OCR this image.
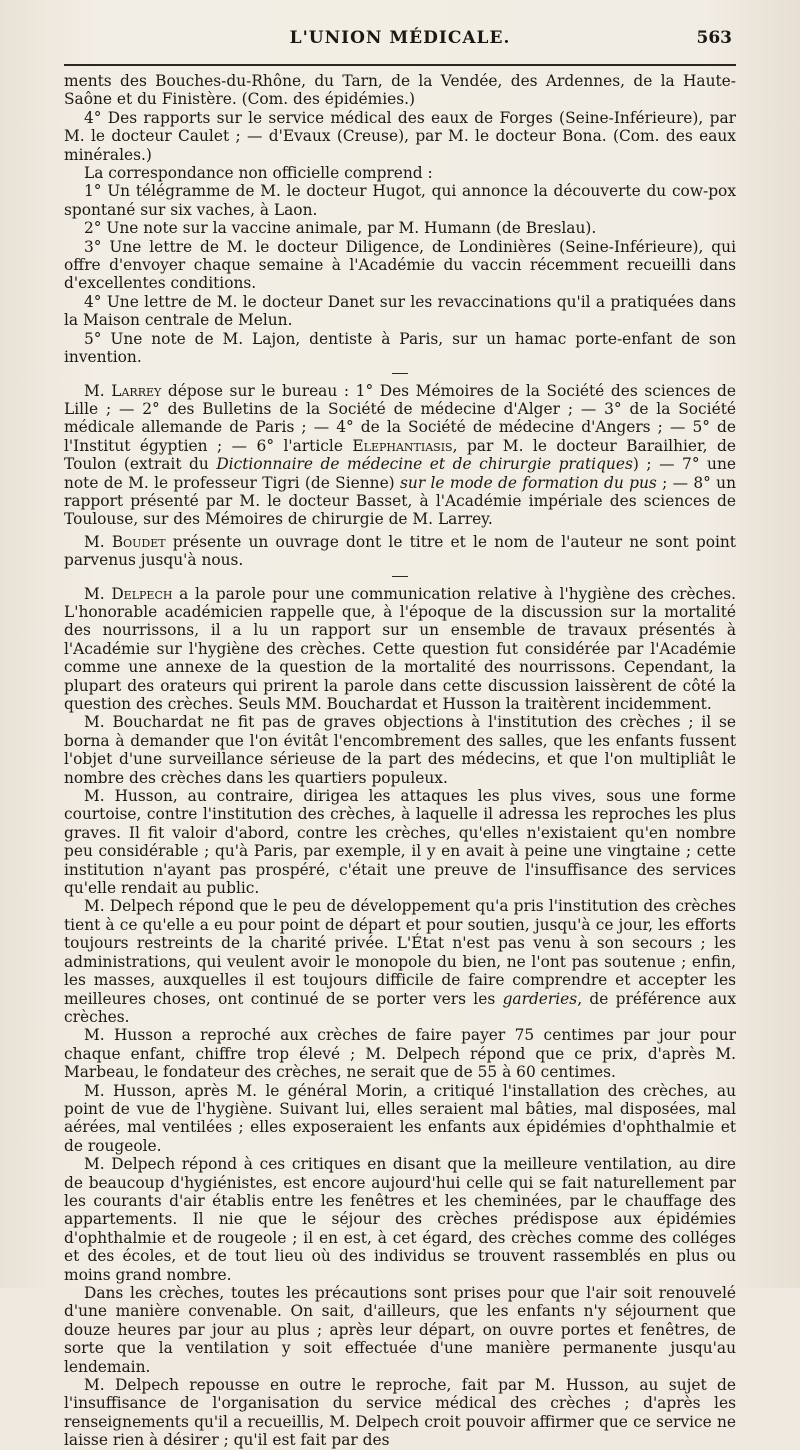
L'UNION MÉDICALE.	563

ments des Bouches-du-Rhône, du Tarn, de la Vendée, des Ardennes, de la Haute-Saône et du Finistère. (Com. des épidémies.)

4° Des rapports sur le service médical des eaux de Forges (Seine-Inférieure), par M. le docteur Caulet ; — d'Evaux (Creuse), par M. le docteur Bona. (Com. des eaux minérales.)

La correspondance non officielle comprend :

1° Un télégramme de M. le docteur Hugot, qui annonce la découverte du cow-pox spontané sur six vaches, à Laon.

2° Une note sur la vaccine animale, par M. Humann (de Breslau).

3° Une lettre de M. le docteur Diligence, de Londinières (Seine-Inférieure), qui offre d'envoyer chaque semaine à l'Académie du vaccin récemment recueilli dans d'excellentes conditions.

4° Une lettre de M. le docteur Danet sur les revaccinations qu'il a pratiquées dans la Maison centrale de Melun.

5° Une note de M. Lajon, dentiste à Paris, sur un hamac porte-enfant de son invention.

M. Larrey dépose sur le bureau : 1° Des Mémoires de la Société des sciences de Lille ; — 2° des Bulletins de la Société de médecine d'Alger ; — 3° de la Société médicale allemande de Paris ; — 4° de la Société de médecine d'Angers ; — 5° de l'Institut égyptien ; — 6° l'article Elephantiasis, par M. le docteur Barailhier, de Toulon (extrait du Dictionnaire de médecine et de chirurgie pratiques) ; — 7° une note de M. le professeur Tigri (de Sienne) sur le mode de formation du pus ; — 8° un rapport présenté par M. le docteur Basset, à l'Académie impériale des sciences de Toulouse, sur des Mémoires de chirurgie de M. Larrey.

M. Boudet présente un ouvrage dont le titre et le nom de l'auteur ne sont point parvenus jusqu'à nous.

M. Delpech a la parole pour une communication relative à l'hygiène des crèches. L'honorable académicien rappelle que, à l'époque de la discussion sur la mortalité des nourrissons, il a lu un rapport sur un ensemble de travaux présentés à l'Académie sur l'hygiène des crèches. Cette question fut considérée par l'Académie comme une annexe de la question de la mortalité des nourrissons. Cependant, la plupart des orateurs qui prirent la parole dans cette discussion laissèrent de côté la question des crèches. Seuls MM. Bouchardat et Husson la traitèrent incidemment.

M. Bouchardat ne fit pas de graves objections à l'institution des crèches ; il se borna à demander que l'on évitât l'encombrement des salles, que les enfants fussent l'objet d'une surveillance sérieuse de la part des médecins, et que l'on multipliât le nombre des crèches dans les quartiers populeux.

M. Husson, au contraire, dirigea les attaques les plus vives, sous une forme courtoise, contre l'institution des crèches, à laquelle il adressa les reproches les plus graves. Il fit valoir d'abord, contre les crèches, qu'elles n'existaient qu'en nombre peu considérable ; qu'à Paris, par exemple, il y en avait à peine une vingtaine ; cette institution n'ayant pas prospéré, c'était une preuve de l'insuffisance des services qu'elle rendait au public.

M. Delpech répond que le peu de développement qu'a pris l'institution des crèches tient à ce qu'elle a eu pour point de départ et pour soutien, jusqu'à ce jour, les efforts toujours restreints de la charité privée. L'État n'est pas venu à son secours ; les administrations, qui veulent avoir le monopole du bien, ne l'ont pas soutenue ; enfin, les masses, auxquelles il est toujours difficile de faire comprendre et accepter les meilleures choses, ont continué de se porter vers les garderies, de préférence aux crèches.

M. Husson a reproché aux crèches de faire payer 75 centimes par jour pour chaque enfant, chiffre trop élevé ; M. Delpech répond que ce prix, d'après M. Marbeau, le fondateur des crèches, ne serait que de 55 à 60 centimes.

M. Husson, après M. le général Morin, a critiqué l'installation des crèches, au point de vue de l'hygiène. Suivant lui, elles seraient mal bâties, mal disposées, mal aérées, mal ventilées ; elles exposeraient les enfants aux épidémies d'ophthalmie et de rougeole.

M. Delpech répond à ces critiques en disant que la meilleure ventilation, au dire de beaucoup d'hygiénistes, est encore aujourd'hui celle qui se fait naturellement par les courants d'air établis entre les fenêtres et les cheminées, par le chauffage des appartements. Il nie que le séjour des crèches prédispose aux épidémies d'ophthalmie et de rougeole ; il en est, à cet égard, des crèches comme des colléges et des écoles, et de tout lieu où des individus se trouvent rassemblés en plus ou moins grand nombre.

Dans les crèches, toutes les précautions sont prises pour que l'air soit renouvelé d'une manière convenable. On sait, d'ailleurs, que les enfants n'y séjournent que douze heures par jour au plus ; après leur départ, on ouvre portes et fenêtres, de sorte que la ventilation y soit effectuée d'une manière permanente jusqu'au lendemain.

M. Delpech repousse en outre le reproche, fait par M. Husson, au sujet de l'insuffisance de l'organisation du service médical des crèches ; d'après les renseignements qu'il a recueillis, M. Delpech croit pouvoir affirmer que ce service ne laisse rien à désirer ; qu'il est fait par des
